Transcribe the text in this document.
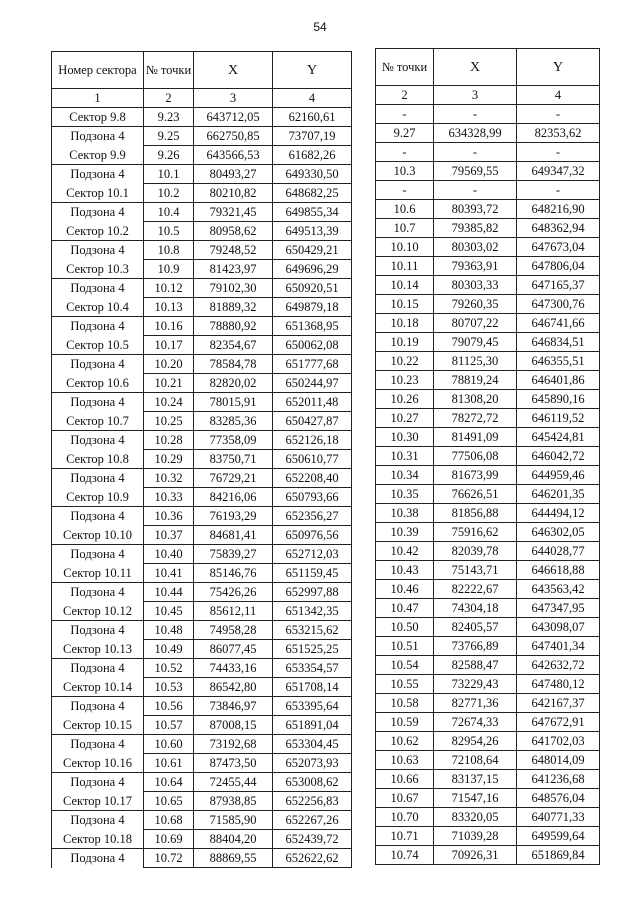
54
Номер сектора	№ точки	X	Y
1	2	3	4
Сектор 9.8	9.23	643712,05	62160,61
Подзона 4	9.25	662750,85	73707,19
Сектор 9.9	9.26	643566,53	61682,26
Подзона 4	10.1	80493,27	649330,50
Сектор 10.1	10.2	80210,82	648682,25
Подзона 4	10.4	79321,45	649855,34
Сектор 10.2	10.5	80958,62	649513,39
Подзона 4	10.8	79248,52	650429,21
Сектор 10.3	10.9	81423,97	649696,29
Подзона 4	10.12	79102,30	650920,51
Сектор 10.4	10.13	81889,32	649879,18
Подзона 4	10.16	78880,92	651368,95
Сектор 10.5	10.17	82354,67	650062,08
Подзона 4	10.20	78584,78	651777,68
Сектор 10.6	10.21	82820,02	650244,97
Подзона 4	10.24	78015,91	652011,48
Сектор 10.7	10.25	83285,36	650427,87
Подзона 4	10.28	77358,09	652126,18
Сектор 10.8	10.29	83750,71	650610,77
Подзона 4	10.32	76729,21	652208,40
Сектор 10.9	10.33	84216,06	650793,66
Подзона 4	10.36	76193,29	652356,27
Сектор 10.10	10.37	84681,41	650976,56
Подзона 4	10.40	75839,27	652712,03
Сектор 10.11	10.41	85146,76	651159,45
Подзона 4	10.44	75426,26	652997,88
Сектор 10.12	10.45	85612,11	651342,35
Подзона 4	10.48	74958,28	653215,62
Сектор 10.13	10.49	86077,45	651525,25
Подзона 4	10.52	74433,16	653354,57
Сектор 10.14	10.53	86542,80	651708,14
Подзона 4	10.56	73846,97	653395,64
Сектор 10.15	10.57	87008,15	651891,04
Подзона 4	10.60	73192,68	653304,45
Сектор 10.16	10.61	87473,50	652073,93
Подзона 4	10.64	72455,44	653008,62
Сектор 10.17	10.65	87938,85	652256,83
Подзона 4	10.68	71585,90	652267,26
Сектор 10.18	10.69	88404,20	652439,72
Подзона 4	10.72	88869,55	652622,62
№ точки	X	Y
2	3	4
-	-	-
9.27	634328,99	82353,62
-	-	-
10.3	79569,55	649347,32
-	-	-
10.6	80393,72	648216,90
10.7	79385,82	648362,94
10.10	80303,02	647673,04
10.11	79363,91	647806,04
10.14	80303,33	647165,37
10.15	79260,35	647300,76
10.18	80707,22	646741,66
10.19	79079,45	646834,51
10.22	81125,30	646355,51
10.23	78819,24	646401,86
10.26	81308,20	645890,16
10.27	78272,72	646119,52
10.30	81491,09	645424,81
10.31	77506,08	646042,72
10.34	81673,99	644959,46
10.35	76626,51	646201,35
10.38	81856,88	644494,12
10.39	75916,62	646302,05
10.42	82039,78	644028,77
10.43	75143,71	646618,88
10.46	82222,67	643563,42
10.47	74304,18	647347,95
10.50	82405,57	643098,07
10.51	73766,89	647401,34
10.54	82588,47	642632,72
10.55	73229,43	647480,12
10.58	82771,36	642167,37
10.59	72674,33	647672,91
10.62	82954,26	641702,03
10.63	72108,64	648014,09
10.66	83137,15	641236,68
10.67	71547,16	648576,04
10.70	83320,05	640771,33
10.71	71039,28	649599,64
10.74	70926,31	651869,84
